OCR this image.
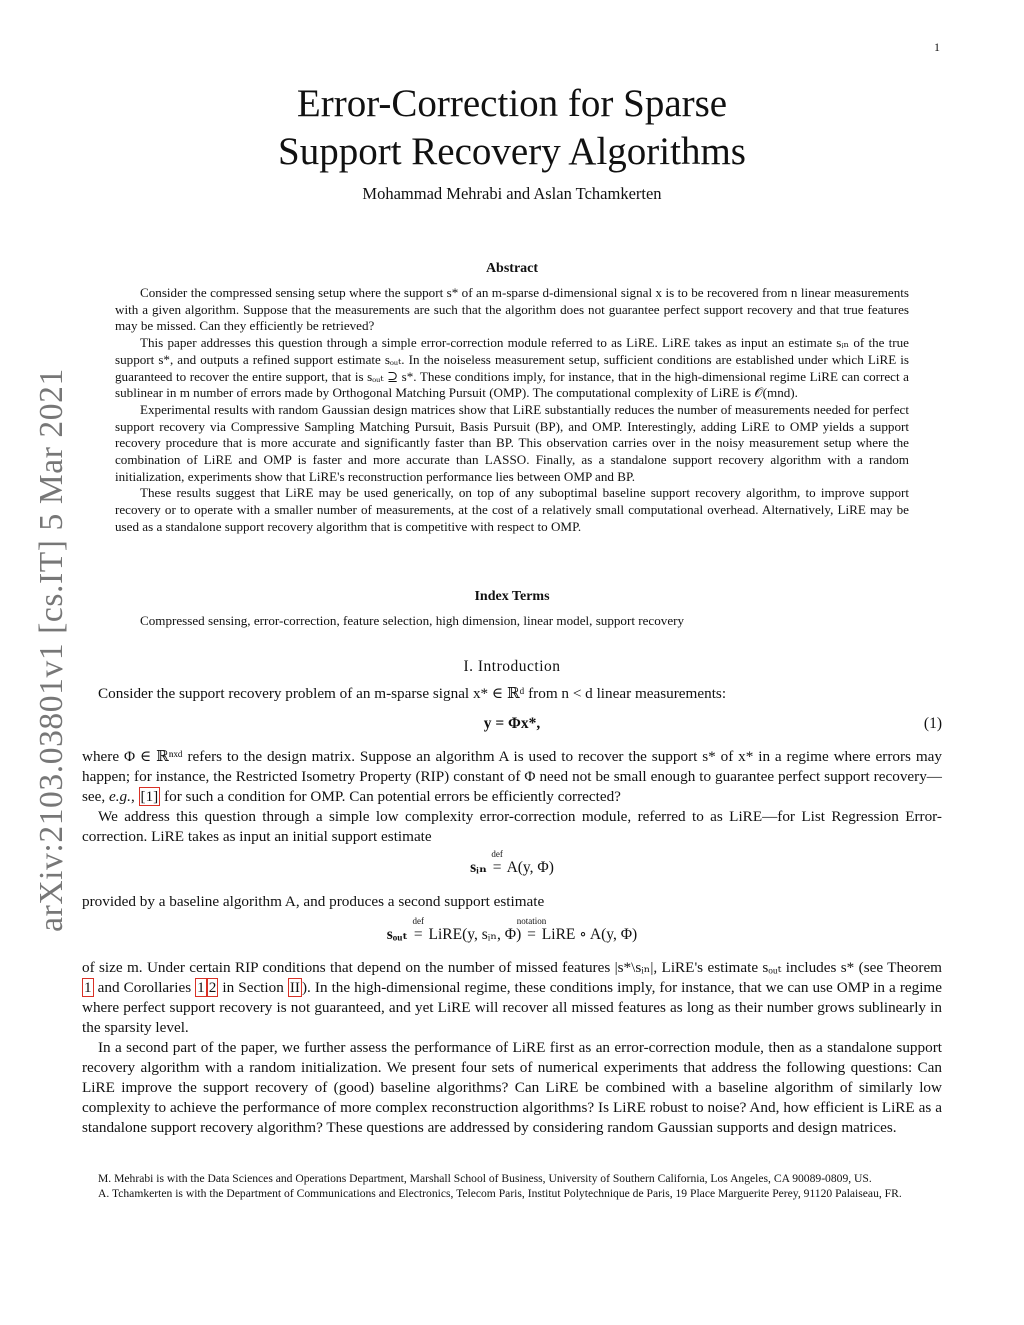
1
arXiv:2103.03801v1 [cs.IT] 5 Mar 2021
Error-Correction for Sparse
Support Recovery Algorithms
Mohammad Mehrabi and Aslan Tchamkerten
Abstract

Consider the compressed sensing setup where the support s* of an m-sparse d-dimensional signal x is to be recovered from n linear measurements with a given algorithm. Suppose that the measurements are such that the algorithm does not guarantee perfect support recovery and that true features may be missed. Can they efficiently be retrieved?

This paper addresses this question through a simple error-correction module referred to as LiRE. LiRE takes as input an estimate sᵢₙ of the true support s*, and outputs a refined support estimate sₒᵤₜ. In the noiseless measurement setup, sufficient conditions are established under which LiRE is guaranteed to recover the entire support, that is sₒᵤₜ ⊇ s*. These conditions imply, for instance, that in the high-dimensional regime LiRE can correct a sublinear in m number of errors made by Orthogonal Matching Pursuit (OMP). The computational complexity of LiRE is 𝒪(mnd).

Experimental results with random Gaussian design matrices show that LiRE substantially reduces the number of measurements needed for perfect support recovery via Compressive Sampling Matching Pursuit, Basis Pursuit (BP), and OMP. Interestingly, adding LiRE to OMP yields a support recovery procedure that is more accurate and significantly faster than BP. This observation carries over in the noisy measurement setup where the combination of LiRE and OMP is faster and more accurate than LASSO. Finally, as a standalone support recovery algorithm with a random initialization, experiments show that LiRE's reconstruction performance lies between OMP and BP.

These results suggest that LiRE may be used generically, on top of any suboptimal baseline support recovery algorithm, to improve support recovery or to operate with a smaller number of measurements, at the cost of a relatively small computational overhead. Alternatively, LiRE may be used as a standalone support recovery algorithm that is competitive with respect to OMP.

Index Terms
Compressed sensing, error-correction, feature selection, high dimension, linear model, support recovery
I. Introduction

Consider the support recovery problem of an m-sparse signal x* ∈ ℝᵈ from n < d linear measurements:

y = Φx*,	(1)

where Φ ∈ ℝⁿˣᵈ refers to the design matrix. Suppose an algorithm A is used to recover the support s* of x* in a regime where errors may happen; for instance, the Restricted Isometry Property (RIP) constant of Φ need not be small enough to guarantee perfect support recovery—see, e.g., [1] for such a condition for OMP. Can potential errors be efficiently corrected?

We address this question through a simple low complexity error-correction module, referred to as LiRE—for List Regression Error-correction. LiRE takes as input an initial support estimate

sᵢₙ
def
= A(y, Φ)

provided by a baseline algorithm A, and produces a second support estimate

sₒᵤₜ
def
= LiRE(y, sᵢₙ, Φ)
notation
= LiRE ∘ A(y, Φ)

of size m. Under certain RIP conditions that depend on the number of missed features |s*\sᵢₙ|, LiRE's estimate sₒᵤₜ includes s* (see Theorem 1 and Corollaries 1 2 in Section II ). In the high-dimensional regime, these conditions imply, for instance, that we can use OMP in a regime where perfect support recovery is not guaranteed, and yet LiRE will recover all missed features as long as their number grows sublinearly in the sparsity level.

In a second part of the paper, we further assess the performance of LiRE first as an error-correction module, then as a standalone support recovery algorithm with a random initialization. We present four sets of numerical experiments that address the following questions: Can LiRE improve the support recovery of (good) baseline algorithms? Can LiRE be combined with a baseline algorithm of similarly low complexity to achieve the performance of more complex reconstruction algorithms? Is LiRE robust to noise? And, how efficient is LiRE as a standalone support recovery algorithm? These questions are addressed by considering random Gaussian supports and design matrices.

M. Mehrabi is with the Data Sciences and Operations Department, Marshall School of Business, University of Southern California, Los Angeles, CA 90089-0809, US.

A. Tchamkerten is with the Department of Communications and Electronics, Telecom Paris, Institut Polytechnique de Paris, 19 Place Marguerite Perey, 91120 Palaiseau, FR.
